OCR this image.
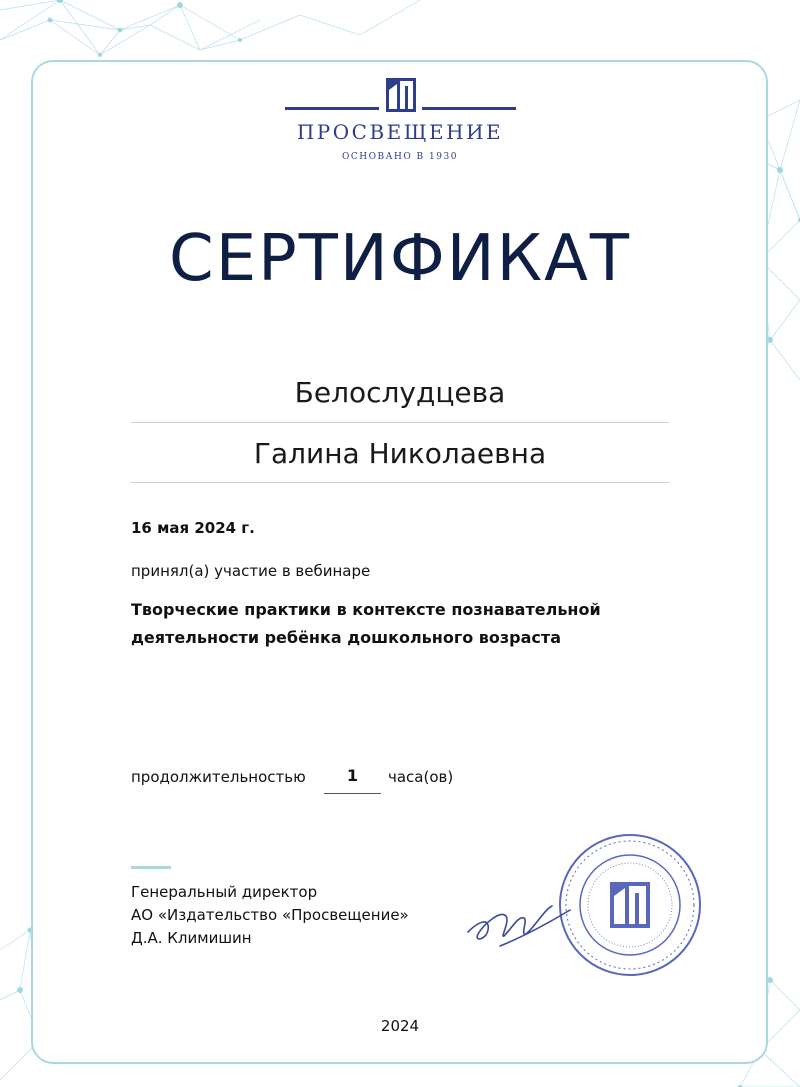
ПРОСВЕЩЕНИЕ
ОСНОВАНО В 1930
СЕРТИФИКАТ
Белослудцева
Галина Николаевна
16 мая 2024 г.
принял(а) участие в вебинаре
Творческие практики в контексте познавательной
деятельности ребёнка дошкольного возраста
продолжительностью	1	часа(ов)
Генеральный директор
АО «Издательство «Просвещение»
Д.А. Климишин
2024
